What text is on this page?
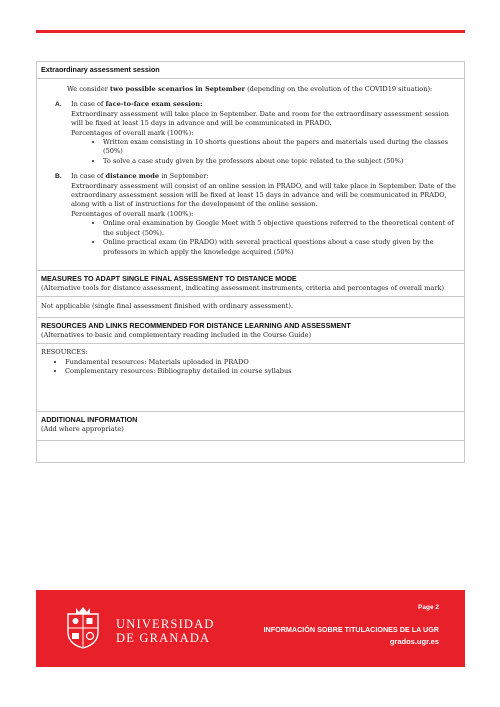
Extraordinary assessment session
We consider two possible scenarios in September (depending on the evolution of the COVID19 situation):
A. In case of face-to-face exam session:
Extraordinary assessment will take place in September. Date and room for the extraordinary assessment session will be fixed at least 15 days in advance and will be communicated in PRADO.
Percentages of overall mark (100%):
• Written exam consisting in 10 shorts questions about the papers and materials used during the classes (50%)
• To solve a case study given by the professors about one topic related to the subject (50%)
B. In case of distance mode in September:
Extraordinary assessment will consist of an online session in PRADO, and will take place in September. Date of the extraordinary assessment session will be fixed at least 15 days in advance and will be communicated in PRADO, along with a list of instructions for the development of the online session.
Percentages of overall mark (100%):
• Online oral examination by Google Meet with 5 objective questions referred to the theoretical content of the subject (50%).
• Online practical exam (in PRADO) with several practical questions about a case study given by the professors in which apply the knowledge acquired (50%)
MEASURES TO ADAPT SINGLE FINAL ASSESSMENT TO DISTANCE MODE
(Alternative tools for distance assessment, indicating assessment instruments, criteria and percentages of overall mark)
Not applicable (single final assessment finished with ordinary assessment).
RESOURCES AND LINKS RECOMMENDED FOR DISTANCE LEARNING AND ASSESSMENT
(Alternatives to basic and complementary reading included in the Course Guide)
RESOURCES:
• Fundamental resources: Materials uploaded in PRADO
• Complementary resources: Bibliography detailed in course syllabus
ADDITIONAL INFORMATION
(Add where appropriate)
UNIVERSIDAD
DE GRANADA
Page 2
INFORMACIÓN SOBRE TITULACIONES DE LA UGR
grados.ugr.es
